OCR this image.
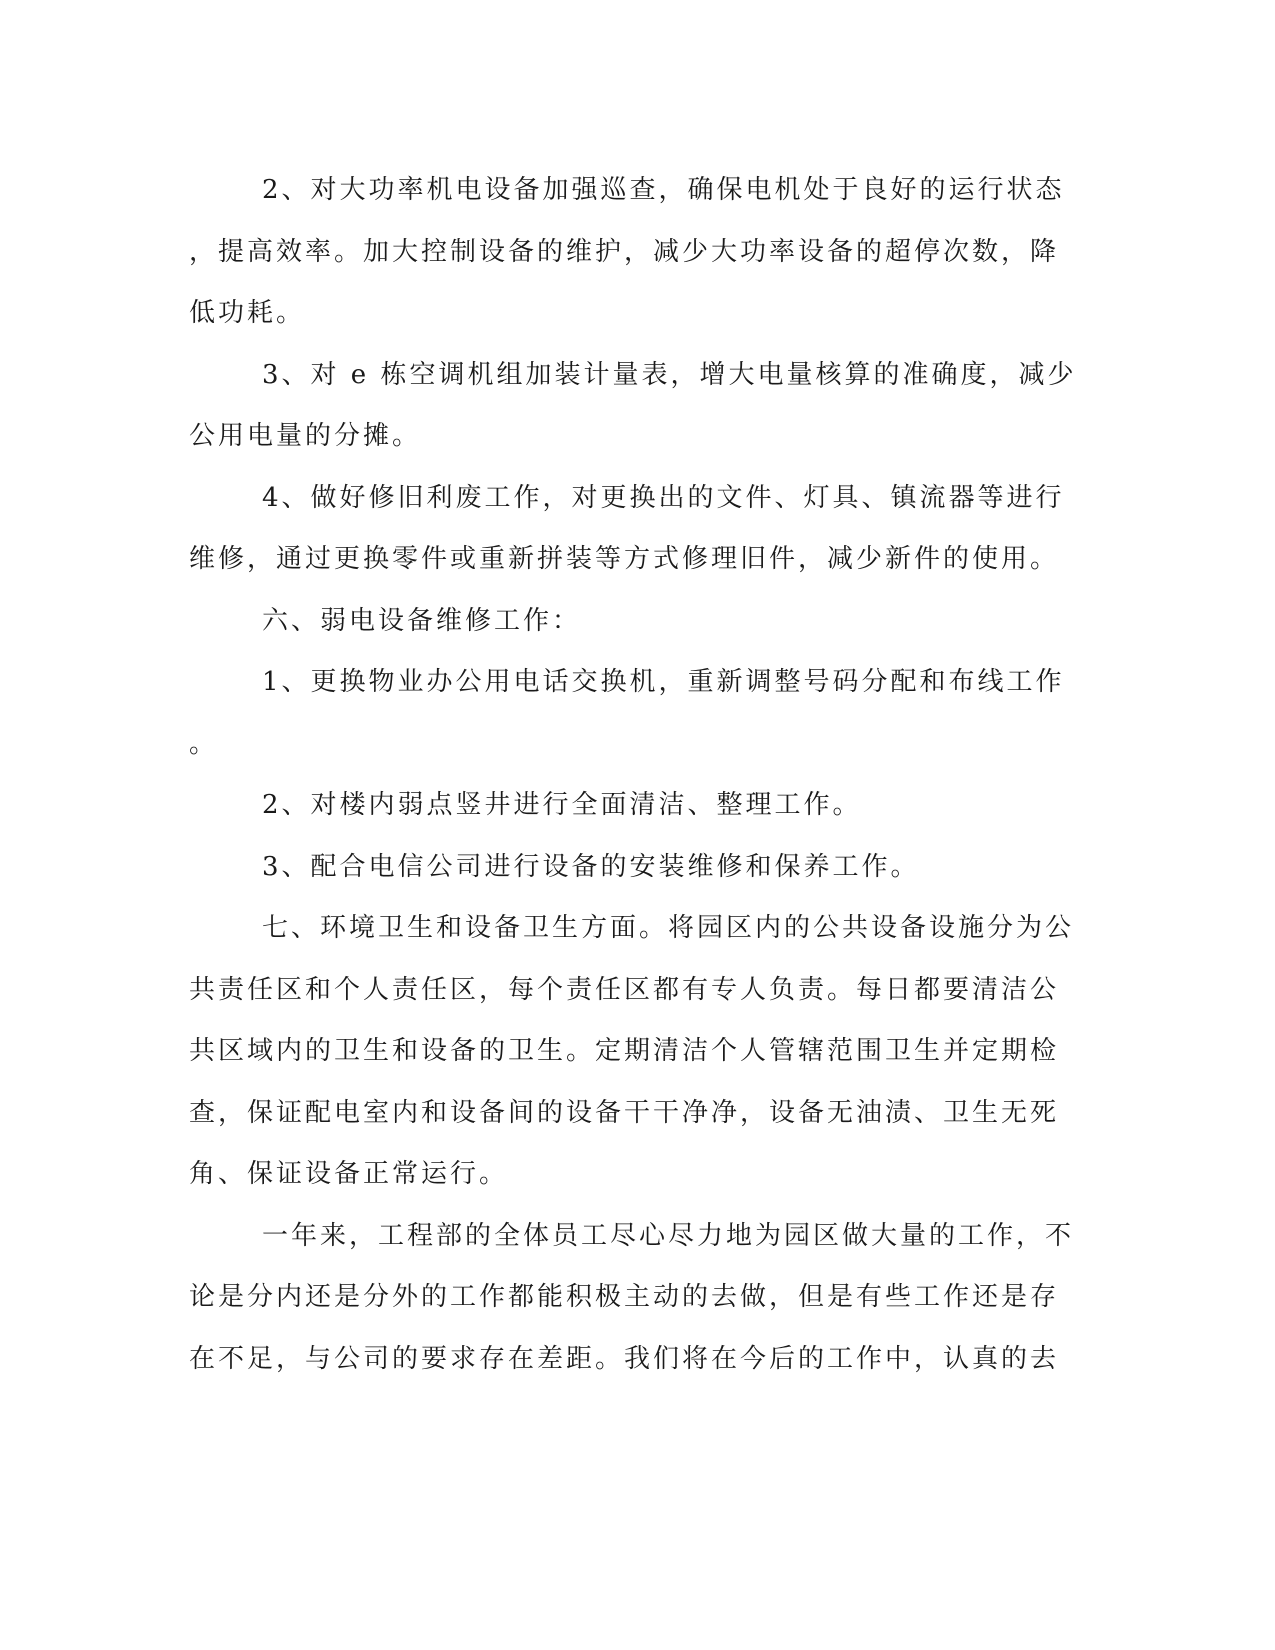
2、对大功率机电设备加强巡查，确保电机处于良好的运行状态
，提高效率。加大控制设备的维护，减少大功率设备的超停次数，降
低功耗。
3、对 e 栋空调机组加装计量表，增大电量核算的准确度，减少
公用电量的分摊。
4、做好修旧利废工作，对更换出的文件、灯具、镇流器等进行
维修，通过更换零件或重新拼装等方式修理旧件，减少新件的使用。
六、弱电设备维修工作：
1、更换物业办公用电话交换机，重新调整号码分配和布线工作
。
2、对楼内弱点竖井进行全面清洁、整理工作。
3、配合电信公司进行设备的安装维修和保养工作。
七、环境卫生和设备卫生方面。将园区内的公共设备设施分为公
共责任区和个人责任区，每个责任区都有专人负责。每日都要清洁公
共区域内的卫生和设备的卫生。定期清洁个人管辖范围卫生并定期检
查，保证配电室内和设备间的设备干干净净，设备无油渍、卫生无死
角、保证设备正常运行。
一年来，工程部的全体员工尽心尽力地为园区做大量的工作，不
论是分内还是分外的工作都能积极主动的去做，但是有些工作还是存
在不足，与公司的要求存在差距。我们将在今后的工作中，认真的去
